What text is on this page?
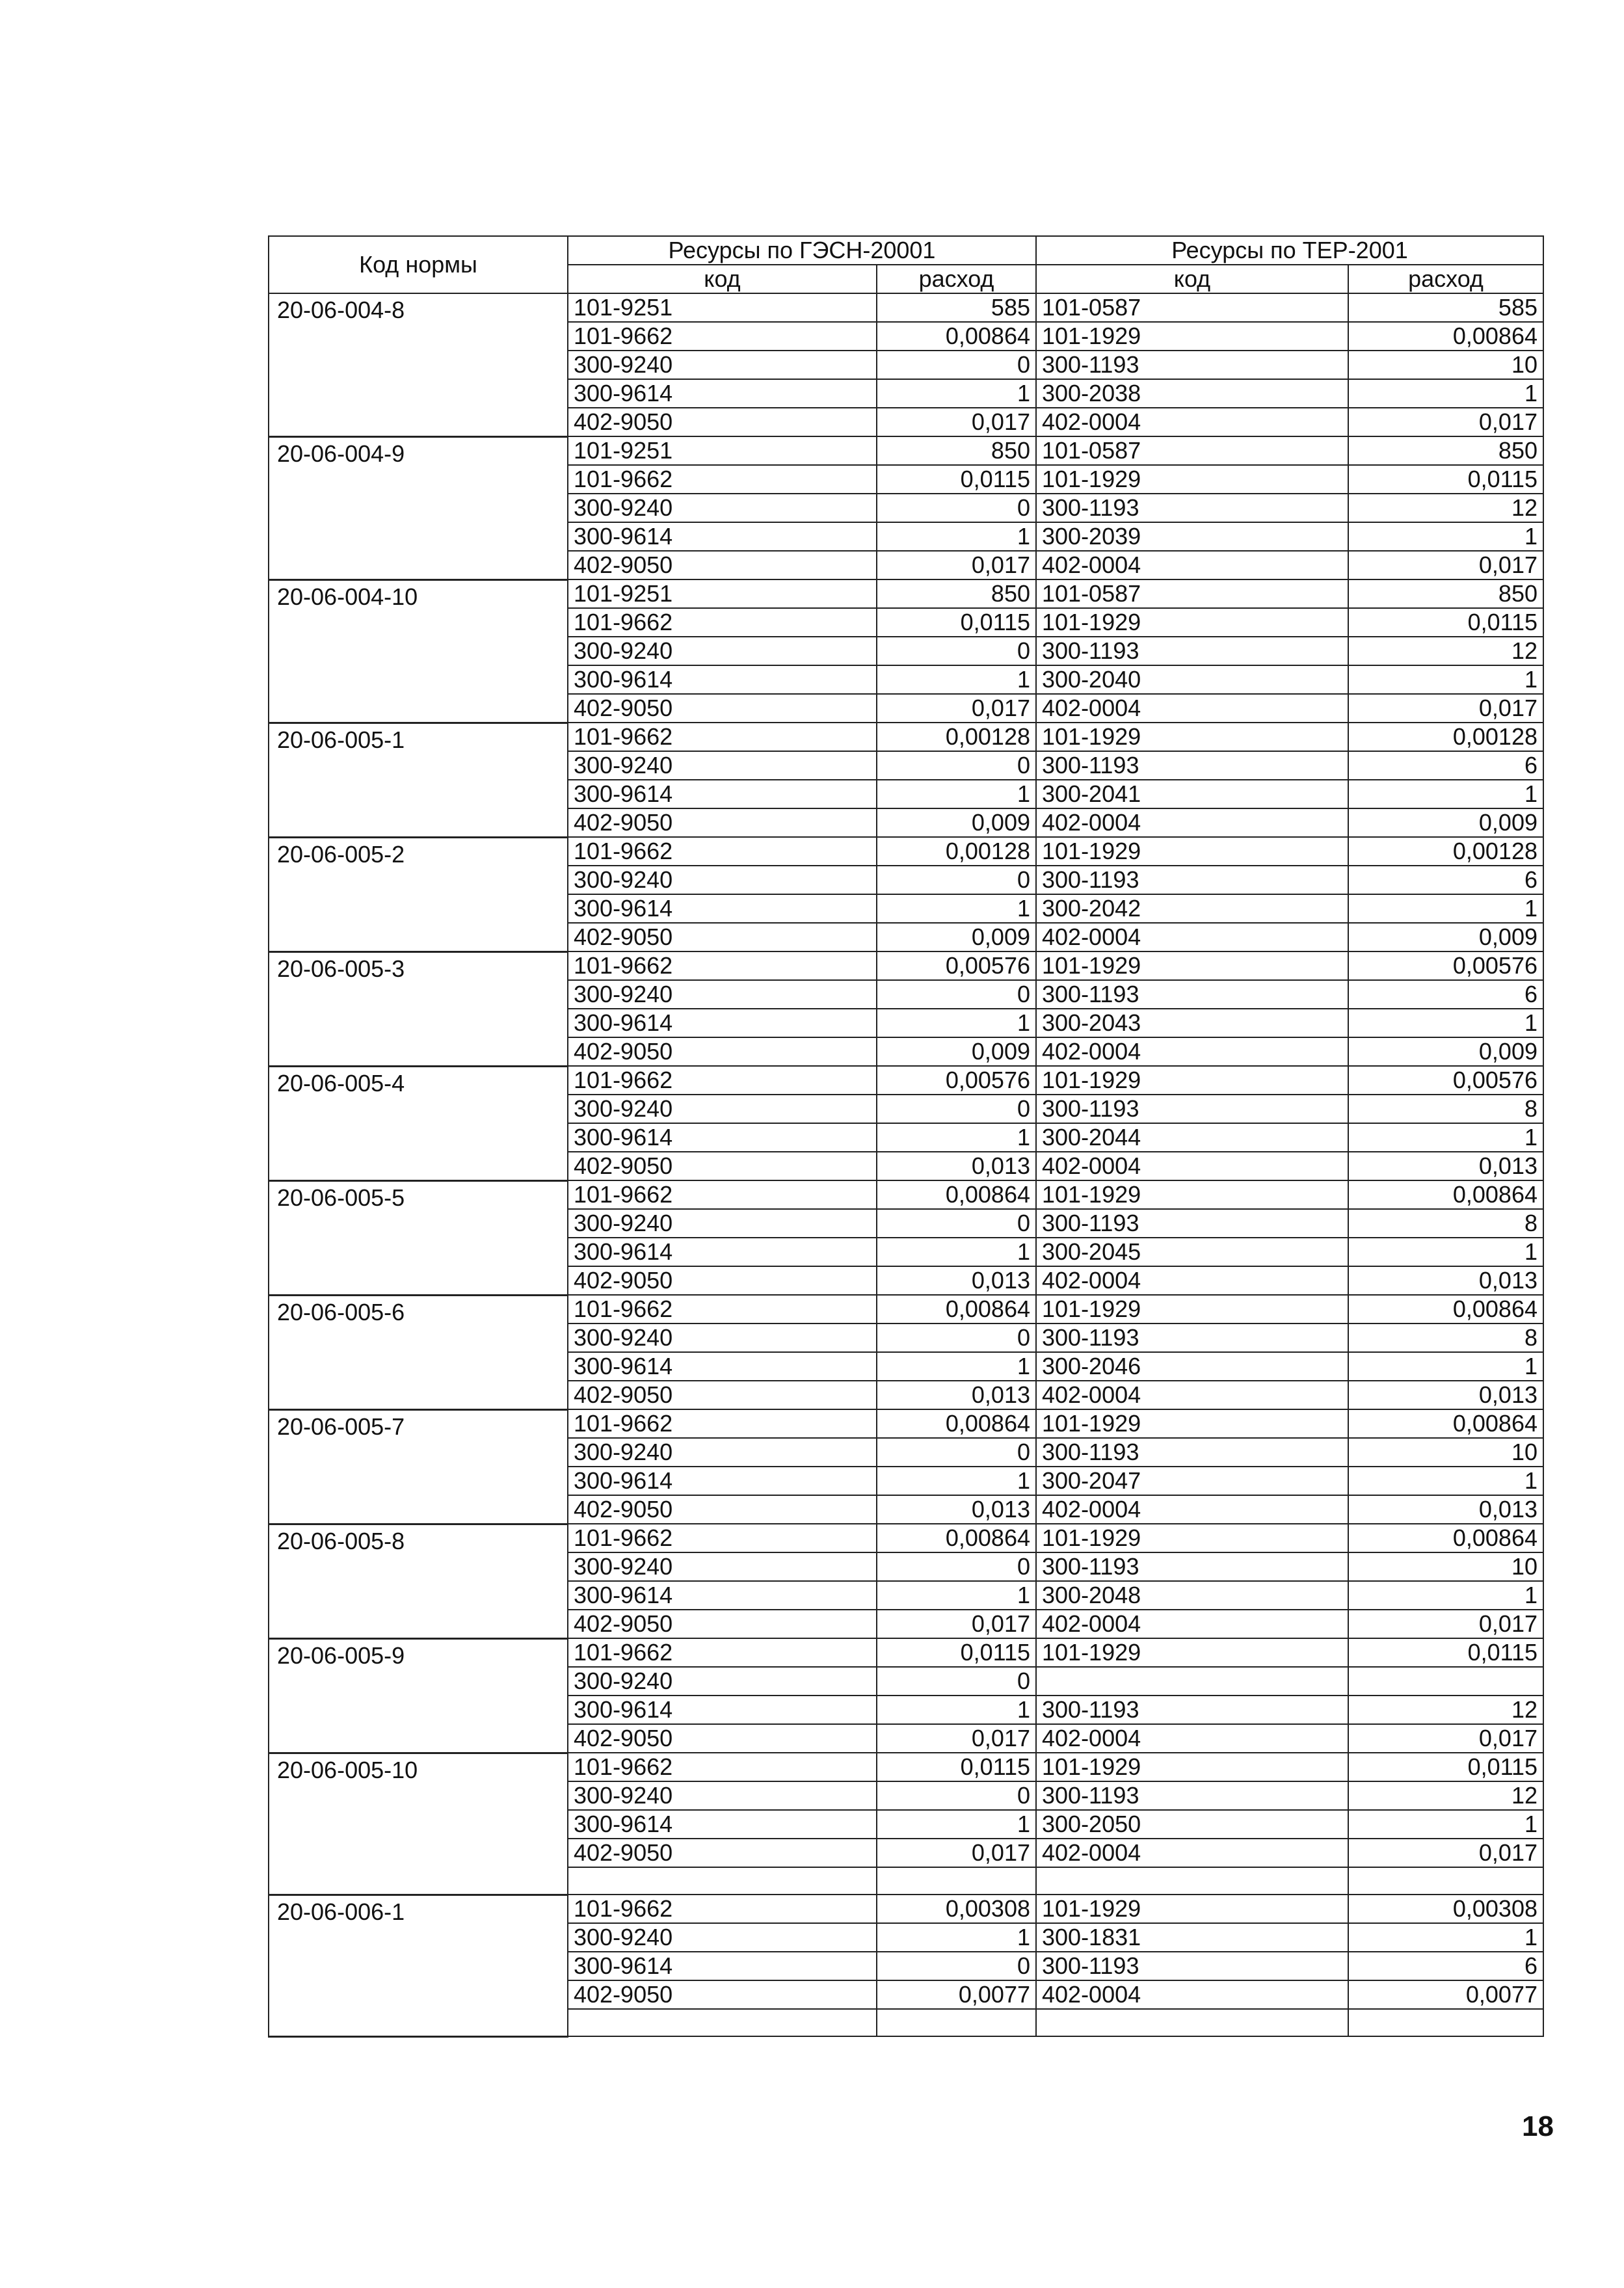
Код нормы	Ресурсы по ГЭСН-20001		Ресурсы по ТЕР-2001	
	код	расход	код	расход
20-06-004-8	101-9251	585	101-0587	585
	101-9662	0,00864	101-1929	0,00864
	300-9240	0	300-1193	10
	300-9614	1	300-2038	1
	402-9050	0,017	402-0004	0,017
20-06-004-9	101-9251	850	101-0587	850
	101-9662	0,0115	101-1929	0,0115
	300-9240	0	300-1193	12
	300-9614	1	300-2039	1
	402-9050	0,017	402-0004	0,017
20-06-004-10	101-9251	850	101-0587	850
	101-9662	0,0115	101-1929	0,0115
	300-9240	0	300-1193	12
	300-9614	1	300-2040	1
	402-9050	0,017	402-0004	0,017
20-06-005-1	101-9662	0,00128	101-1929	0,00128
	300-9240	0	300-1193	6
	300-9614	1	300-2041	1
	402-9050	0,009	402-0004	0,009
20-06-005-2	101-9662	0,00128	101-1929	0,00128
	300-9240	0	300-1193	6
	300-9614	1	300-2042	1
	402-9050	0,009	402-0004	0,009
20-06-005-3	101-9662	0,00576	101-1929	0,00576
	300-9240	0	300-1193	6
	300-9614	1	300-2043	1
	402-9050	0,009	402-0004	0,009
20-06-005-4	101-9662	0,00576	101-1929	0,00576
	300-9240	0	300-1193	8
	300-9614	1	300-2044	1
	402-9050	0,013	402-0004	0,013
20-06-005-5	101-9662	0,00864	101-1929	0,00864
	300-9240	0	300-1193	8
	300-9614	1	300-2045	1
	402-9050	0,013	402-0004	0,013
20-06-005-6	101-9662	0,00864	101-1929	0,00864
	300-9240	0	300-1193	8
	300-9614	1	300-2046	1
	402-9050	0,013	402-0004	0,013
20-06-005-7	101-9662	0,00864	101-1929	0,00864
	300-9240	0	300-1193	10
	300-9614	1	300-2047	1
	402-9050	0,013	402-0004	0,013
20-06-005-8	101-9662	0,00864	101-1929	0,00864
	300-9240	0	300-1193	10
	300-9614	1	300-2048	1
	402-9050	0,017	402-0004	0,017
20-06-005-9	101-9662	0,0115	101-1929	0,0115
	300-9240	0		
	300-9614	1	300-1193	12
	402-9050	0,017	402-0004	0,017
20-06-005-10	101-9662	0,0115	101-1929	0,0115
	300-9240	0	300-1193	12
	300-9614	1	300-2050	1
	402-9050	0,017	402-0004	0,017

20-06-006-1	101-9662	0,00308	101-1929	0,00308
	300-9240	1	300-1831	1
	300-9614	0	300-1193	6
	402-9050	0,0077	402-0004	0,0077

18
